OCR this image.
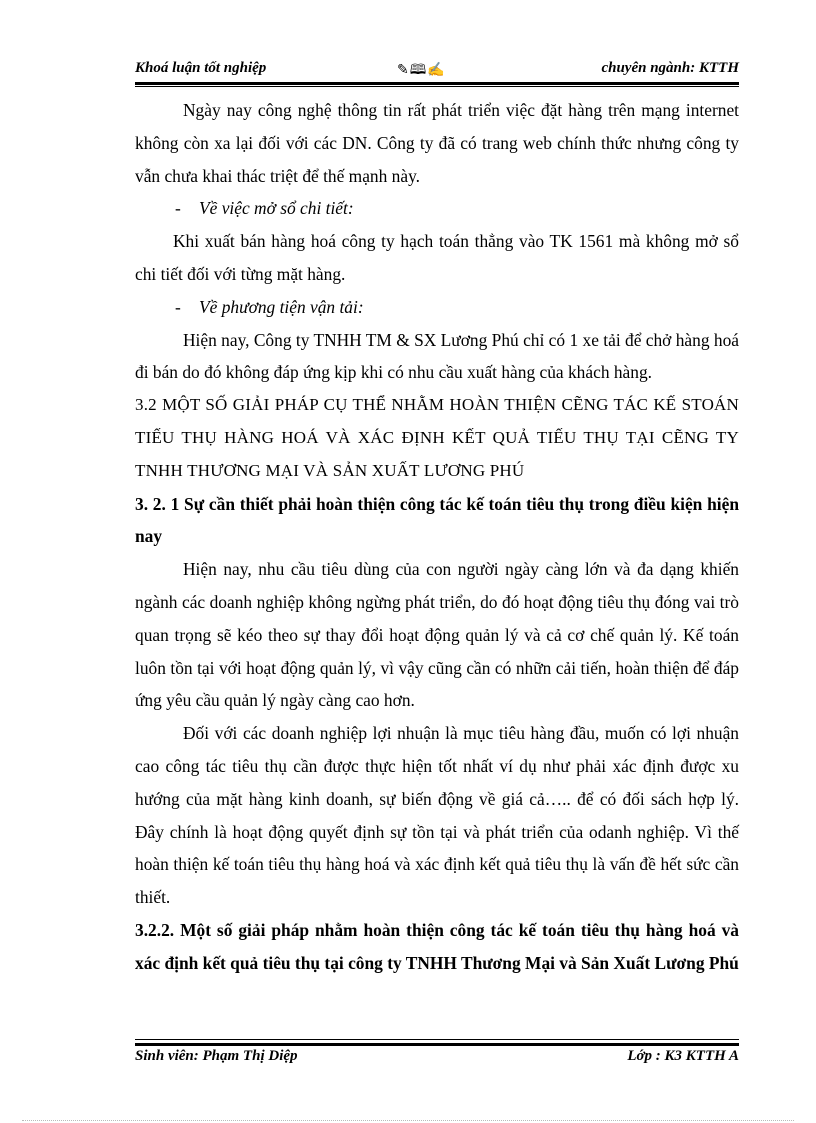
Khoá luận tốt nghiệp	✎🕮✍	chuyên ngành: KTTH

Ngày nay công nghệ thông tin rất phát triển việc đặt hàng trên mạng internet không còn xa lại đối với các DN. Công ty đã có trang web chính thức nhưng công ty vẫn chưa khai thác triệt để thế mạnh này.

- Về việc mở sổ chi tiết:

Khi xuất bán hàng hoá công ty hạch toán thẳng vào TK 1561 mà không mở sổ chi tiết đối với từng mặt hàng.

- Về phương tiện vận tải:

Hiện nay, Công ty TNHH TM & SX Lương Phú chỉ có 1 xe tải để chở hàng hoá đi bán do đó không đáp ứng kịp khi có nhu cầu xuất hàng của khách hàng.

3.2 MỘT SỐ GIẢI PHÁP CỤ THỂ NHẰM HOÀN THIỆN CẼNG TÁC KẾ STOÁN TIẾU THỤ HÀNG HOÁ VÀ XÁC ĐỊNH KẾT QUẢ TIẾU THỤ TẠI CẼNG TY TNHH THƯƠNG MẠI VÀ SẢN XUẤT LƯƠNG PHÚ

3. 2. 1 Sự cần thiết phải hoàn thiện công tác kế toán tiêu thụ trong điều kiện hiện nay

Hiện nay, nhu cầu tiêu dùng của con người ngày càng lớn và đa dạng khiến ngành các doanh nghiệp không ngừng phát triển, do đó hoạt động tiêu thụ đóng vai trò quan trọng sẽ kéo theo sự thay đổi hoạt động quản lý và cả cơ chế quản lý. Kế toán luôn tồn tại với hoạt động quản lý, vì vậy cũng cần có nhữn cải tiến, hoàn thiện để đáp ứng yêu cầu quản lý ngày càng cao hơn.

Đối với các doanh nghiệp lợi nhuận là mục tiêu hàng đầu, muốn có lợi nhuận cao công tác tiêu thụ cần được thực hiện tốt nhất ví dụ như phải xác định được xu hướng của mặt hàng kinh doanh, sự biến động về giá cả….. để có đối sách hợp lý. Đây chính là hoạt động quyết định sự tồn tại và phát triển của odanh nghiệp. Vì thế hoàn thiện kế toán tiêu thụ hàng hoá và xác định kết quả tiêu thụ là vấn đề hết sức cần thiết.

3.2.2. Một số giải pháp nhằm hoàn thiện công tác kế toán tiêu thụ hàng hoá và xác định kết quả tiêu thụ tại công ty TNHH Thương Mại và Sản Xuất Lương Phú

Sinh viên: Phạm Thị Diệp	Lớp : K3 KTTH A
